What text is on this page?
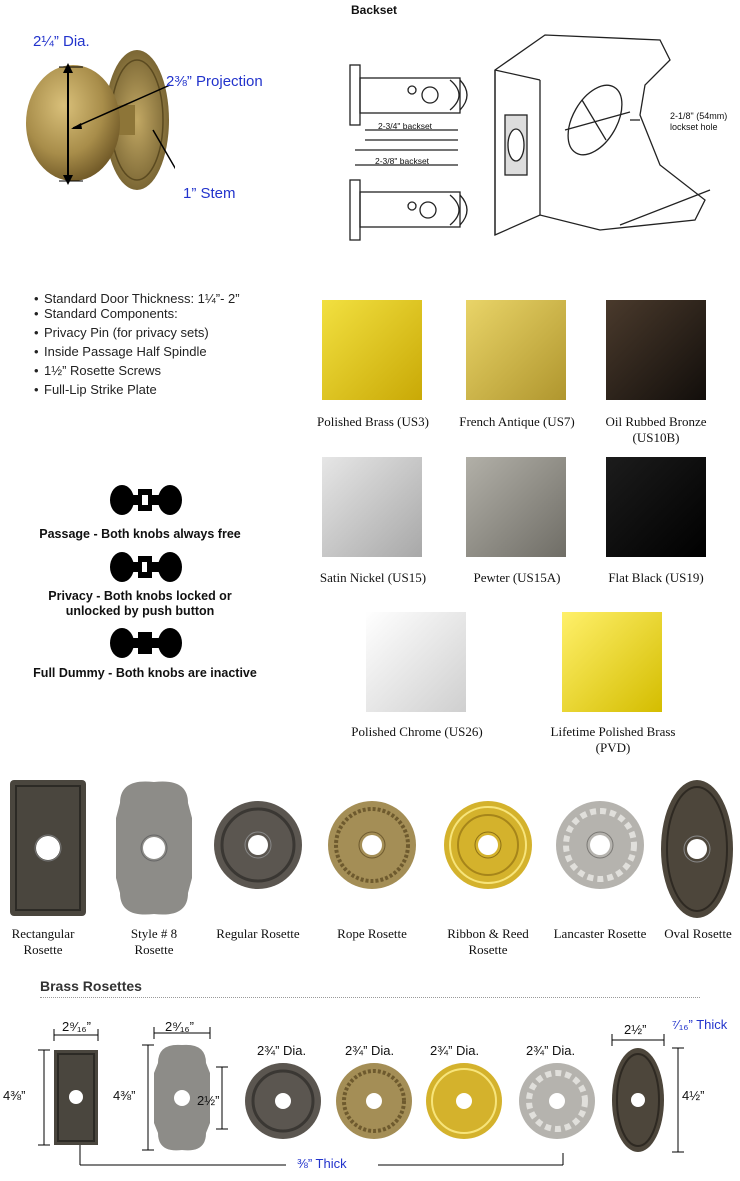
Backset
2¼” Dia.
2⅜” Projection
1” Stem
2-3/4" backset
2-3/8" backset
2-1/8" (54mm)
lockset hole
• Standard Door Thickness: 1¼”- 2”
• Standard Components:
• Privacy Pin (for privacy sets)
• Inside Passage Half Spindle
• 1½” Rosette Screws
• Full-Lip Strike Plate
Passage - Both knobs always free
Privacy - Both knobs locked or unlocked by push button
Full Dummy - Both knobs are inactive
Polished Brass (US3)	French Antique (US7)	Oil Rubbed Bronze (US10B)
Satin Nickel (US15)	Pewter (US15A)	Flat Black (US19)
Polished Chrome (US26)	Lifetime Polished Brass (PVD)
Rectangular Rosette
Style # 8 Rosette
Regular Rosette	Rope Rosette	Ribbon & Reed Rosette
Lancaster Rosette	Oval Rosette
Brass Rosettes
2⁹⁄₁₆”
4⅜”
2⁹⁄₁₆”
4⅜”	2½”
2¾” Dia.	2¾” Dia.	2¾” Dia.	2¾” Dia.
2½”
4½”
⁷⁄₁₆” Thick
⅜” Thick
